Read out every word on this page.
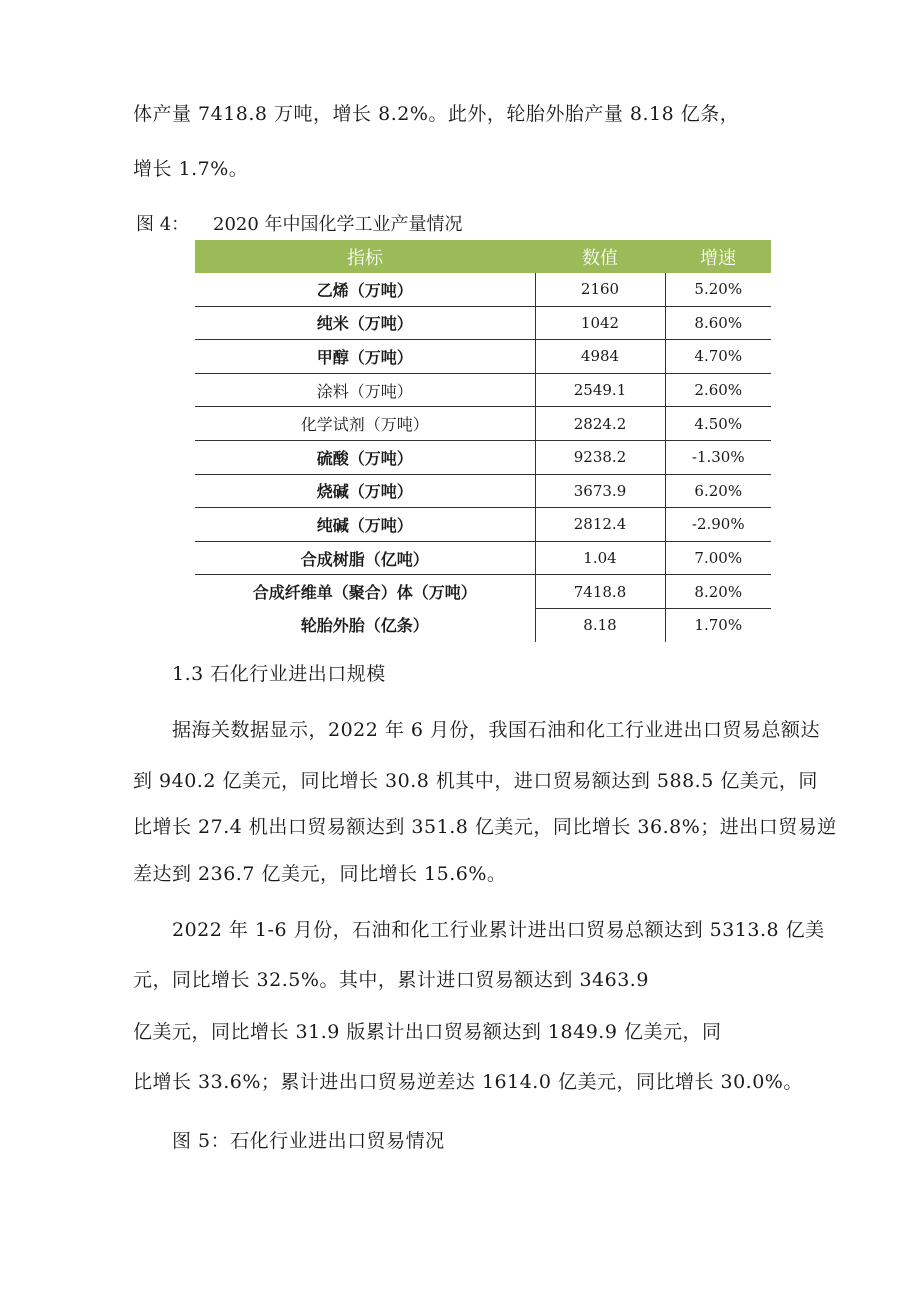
体产量 7418.8 万吨，增长 8.2%。此外，轮胎外胎产量 8.18 亿条，
增长 1.7%。
图 4： 2020 年中国化学工业产量情况
指标	数值	增速
乙烯（万吨）	2160	5.20%
纯米（万吨）	1042	8.60%
甲醇（万吨）	4984	4.70%
涂料（万吨）	2549.1	2.60%
化学试剂（万吨）	2824.2	4.50%
硫酸（万吨）	9238.2	-1.30%
烧碱（万吨）	3673.9	6.20%
纯碱（万吨）	2812.4	-2.90%
合成树脂（亿吨）	1.04	7.00%
合成纤维单（聚合）体（万吨）	7418.8	8.20%
轮胎外胎（亿条）	8.18	1.70%
1.3 石化行业进出口规模
据海关数据显示，2022 年 6 月份，我国石油和化工行业进出口贸易总额达
到 940.2 亿美元，同比增长 30.8 机其中，进口贸易额达到 588.5 亿美元，同
比增长 27.4 机出口贸易额达到 351.8 亿美元，同比增长 36.8%；进出口贸易逆
差达到 236.7 亿美元，同比增长 15.6%。
2022 年 1-6 月份，石油和化工行业累计进出口贸易总额达到 5313.8 亿美
元，同比增长 32.5%。其中，累计进口贸易额达到 3463.9
亿美元，同比增长 31.9 版累计出口贸易额达到 1849.9 亿美元，同
比增长 33.6%；累计进出口贸易逆差达 1614.0 亿美元，同比增长 30.0%。
图 5：石化行业进出口贸易情况
